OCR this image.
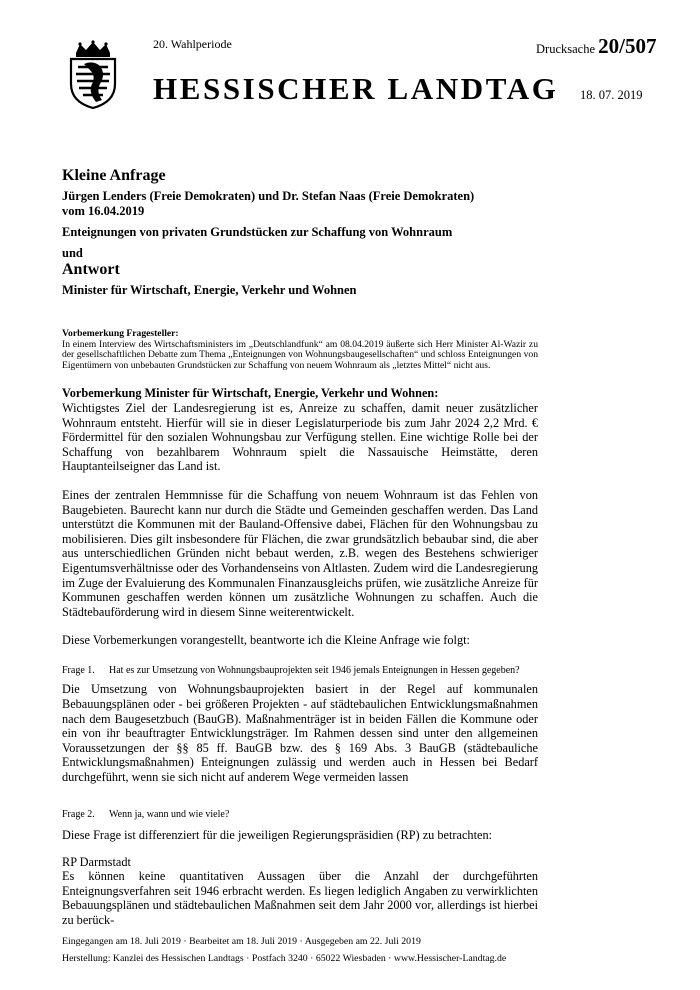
20. Wahlperiode
HESSISCHER LANDTAG
Drucksache 20/507
18. 07. 2019
Kleine Anfrage
Jürgen Lenders (Freie Demokraten) und Dr. Stefan Naas (Freie Demokraten)
vom 16.04.2019
Enteignungen von privaten Grundstücken zur Schaffung von Wohnraum
und
Antwort
Minister für Wirtschaft, Energie, Verkehr und Wohnen
Vorbemerkung Fragesteller:

In einem Interview des Wirtschaftsministers im „Deutschlandfunk“ am 08.04.2019 äußerte sich Herr Minister Al-Wazir zu der gesellschaftlichen Debatte zum Thema „Enteignungen von Wohnungsbaugesellschaften“ und schloss Enteignungen von Eigentümern von unbebauten Grundstücken zur Schaffung von neuem Wohnraum als „letztes Mittel“ nicht aus.

Vorbemerkung Minister für Wirtschaft, Energie, Verkehr und Wohnen:

Wichtigstes Ziel der Landesregierung ist es, Anreize zu schaffen, damit neuer zusätzlicher Wohnraum entsteht. Hierfür will sie in dieser Legislaturperiode bis zum Jahr 2024 2,2 Mrd. € Fördermittel für den sozialen Wohnungsbau zur Verfügung stellen. Eine wichtige Rolle bei der Schaffung von bezahlbarem Wohnraum spielt die Nassauische Heimstätte, deren Hauptanteilseigner das Land ist.

Eines der zentralen Hemmnisse für die Schaffung von neuem Wohnraum ist das Fehlen von Baugebieten. Baurecht kann nur durch die Städte und Gemeinden geschaffen werden. Das Land unterstützt die Kommunen mit der Bauland-Offensive dabei, Flächen für den Wohnungsbau zu mobilisieren. Dies gilt insbesondere für Flächen, die zwar grundsätzlich bebaubar sind, die aber aus unterschiedlichen Gründen nicht bebaut werden, z.B. wegen des Bestehens schwieriger Eigentumsverhältnisse oder des Vorhandenseins von Altlasten. Zudem wird die Landesregierung im Zuge der Evaluierung des Kommunalen Finanzausgleichs prüfen, wie zusätzliche Anreize für Kommunen geschaffen werden können um zusätzliche Wohnungen zu schaffen. Auch die Städtebauförderung wird in diesem Sinne weiterentwickelt.

Diese Vorbemerkungen vorangestellt, beantworte ich die Kleine Anfrage wie folgt:

Frage 1.	Hat es zur Umsetzung von Wohnungsbauprojekten seit 1946 jemals Enteignungen in Hessen gegeben?

Die Umsetzung von Wohnungsbauprojekten basiert in der Regel auf kommunalen Bebauungsplänen oder - bei größeren Projekten - auf städtebaulichen Entwicklungsmaßnahmen nach dem Baugesetzbuch (BauGB). Maßnahmenträger ist in beiden Fällen die Kommune oder ein von ihr beauftragter Entwicklungsträger. Im Rahmen dessen sind unter den allgemeinen Voraussetzungen der §§ 85 ff. BauGB bzw. des § 169 Abs. 3 BauGB (städtebauliche Entwicklungsmaßnahmen) Enteignungen zulässig und werden auch in Hessen bei Bedarf durchgeführt, wenn sie sich nicht auf anderem Wege vermeiden lassen

Frage 2.	Wenn ja, wann und wie viele?

Diese Frage ist differenziert für die jeweiligen Regierungspräsidien (RP) zu betrachten:

RP Darmstadt

Es können keine quantitativen Aussagen über die Anzahl der durchgeführten Enteignungsverfahren seit 1946 erbracht werden. Es liegen lediglich Angaben zu verwirklichten Bebauungsplänen und städtebaulichen Maßnahmen seit dem Jahr 2000 vor, allerdings ist hierbei zu berück-

Eingegangen am 18. Juli 2019 · Bearbeitet am 18. Juli 2019 · Ausgegeben am 22. Juli 2019
Herstellung: Kanzlei des Hessischen Landtags · Postfach 3240 · 65022 Wiesbaden · www.Hessischer-Landtag.de
